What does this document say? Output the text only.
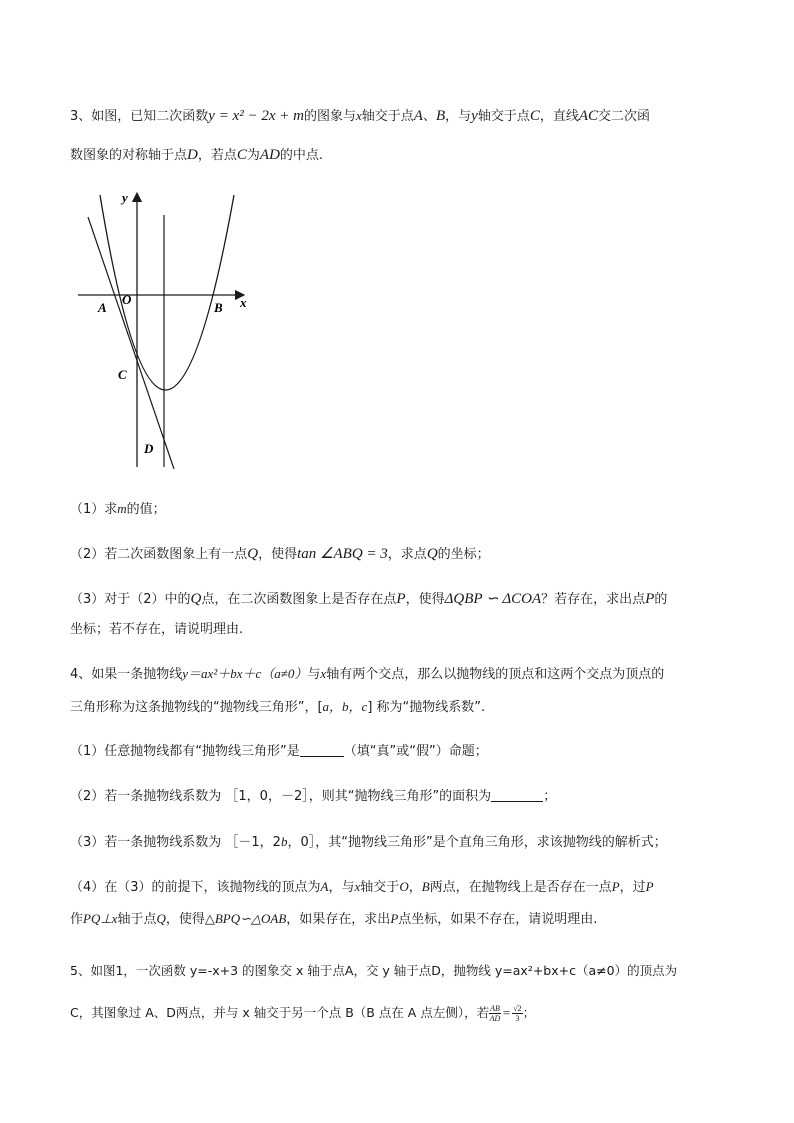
3、如图，已知二次函数y = x² − 2x + m的图象与x轴交于点A、B，与y轴交于点C，直线AC交二次函
数图象的对称轴于点D，若点C为AD的中点.
y
x
O
A	B
C
D
（1）求m的值；
（2）若二次函数图象上有一点Q，使得tan ∠ABQ = 3，求点Q的坐标；
（3）对于（2）中的Q点，在二次函数图象上是否存在点P，使得ΔQBP ∽ ΔCOA？若存在，求出点P的
坐标；若不存在，请说明理由.
4、如果一条抛物线y＝ax²＋bx＋c（a≠0）与x轴有两个交点，那么以抛物线的顶点和这两个交点为顶点的
三角形称为这条抛物线的“抛物线三角形”，[a，b，c] 称为“抛物线系数”.
（1）任意抛物线都有“抛物线三角形”是	（填“真”或“假”）命题；
（2）若一条抛物线系数为 ［1，0，－2］，则其“抛物线三角形”的面积为	；
（3）若一条抛物线系数为 ［－1，2b，0］，其“抛物线三角形”是个直角三角形，求该抛物线的解析式；
（4）在（3）的前提下，该抛物线的顶点为A，与x轴交于O，B两点，在抛物线上是否存在一点P，过P
作PQ⊥x轴于点Q，使得△BPQ∽△OAB，如果存在，求出P点坐标，如果不存在，请说明理由.
5、如图1，一次函数 y=-x+3 的图象交 x 轴于点A，交 y 轴于点D，抛物线 y=ax²+bx+c（a≠0）的顶点为
C，其图象过 A、D两点，并与 x 轴交于另一个点 B（B 点在 A 点左侧），若 $\frac{AB}{AD} = \frac{√2}{3}$ ；
